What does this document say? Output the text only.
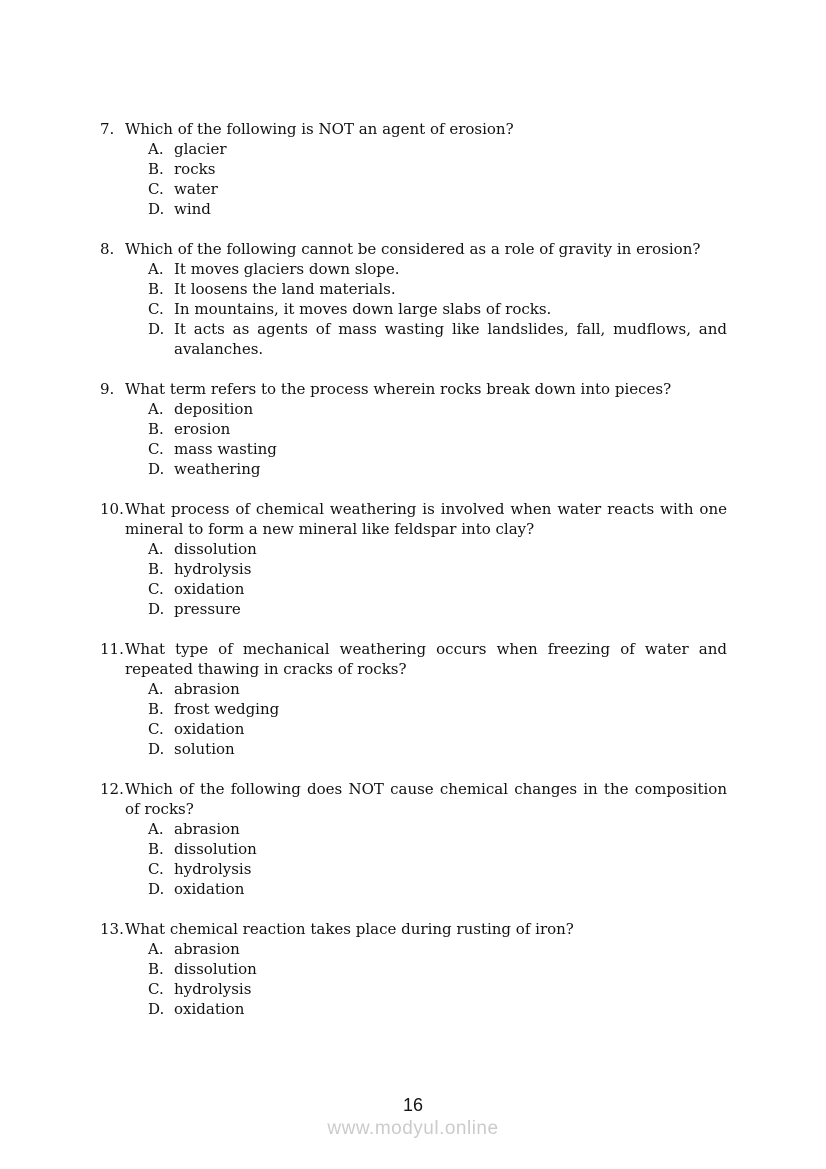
7. Which of the following is NOT an agent of erosion?
A. glacier
B. rocks
C. water
D. wind
8. Which of the following cannot be considered as a role of gravity in erosion?
A. It moves glaciers down slope.
B. It loosens the land materials.
C. In mountains, it moves down large slabs of rocks.
D. It acts as agents of mass wasting like landslides, fall, mudflows, and avalanches.
9. What term refers to the process wherein rocks break down into pieces?
A. deposition
B. erosion
C. mass wasting
D. weathering
10. What process of chemical weathering is involved when water reacts with one mineral to form a new mineral like feldspar into clay?
A. dissolution
B. hydrolysis
C. oxidation
D. pressure
11. What type of mechanical weathering occurs when freezing of water and repeated thawing in cracks of rocks?
A. abrasion
B. frost wedging
C. oxidation
D. solution
12. Which of the following does NOT cause chemical changes in the composition of rocks?
A. abrasion
B. dissolution
C. hydrolysis
D. oxidation
13. What chemical reaction takes place during rusting of iron?
A. abrasion
B. dissolution
C. hydrolysis
D. oxidation
16
www.modyul.online
